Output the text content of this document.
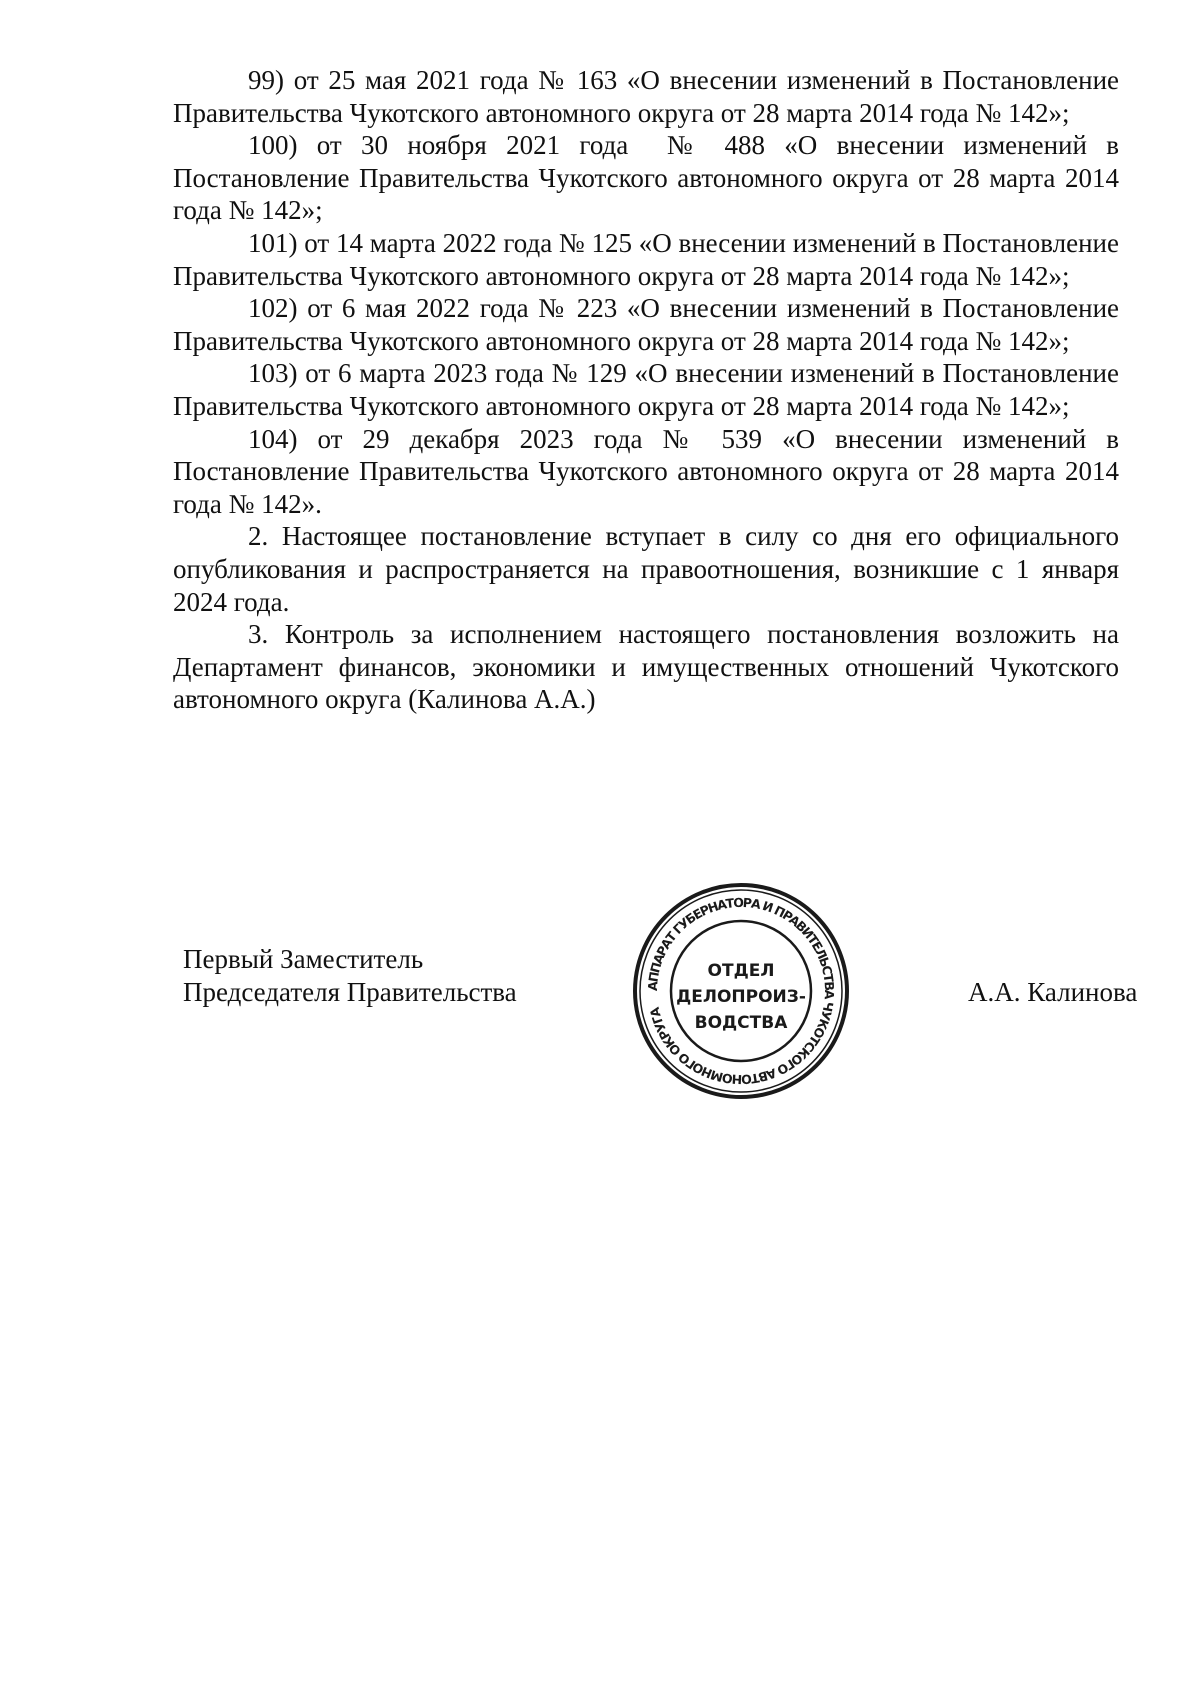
99) от 25 мая 2021 года № 163 «О внесении изменений в Постановление Правительства Чукотского автономного округа от 28 марта 2014 года № 142»;

100) от 30 ноября 2021 года  № 488 «О внесении изменений в Постановление Правительства Чукотского автономного округа от 28 марта 2014 года № 142»;

101) от 14 марта 2022 года № 125 «О внесении изменений в Постановление Правительства Чукотского автономного округа от 28 марта 2014 года № 142»;

102) от 6 мая 2022 года № 223 «О внесении изменений в Постановление Правительства Чукотского автономного округа от 28 марта 2014 года № 142»;

103) от 6 марта 2023 года № 129 «О внесении изменений в Постановление Правительства Чукотского автономного округа от 28 марта 2014 года № 142»;

104) от 29 декабря 2023 года № 539 «О внесении изменений в Постановление Правительства Чукотского автономного округа от 28 марта 2014 года № 142».

2. Настоящее постановление вступает в силу со дня его официального опубликования и распространяется на правоотношения, возникшие с 1 января 2024 года.

3. Контроль за исполнением настоящего постановления возложить на Департамент финансов, экономики и имущественных отношений Чукотского автономного округа (Калинова А.А.)

Первый Заместитель
Председателя Правительства	А.А. Калинова
АППАРАТ ГУБЕРНАТОРА И ПРАВИТЕЛЬСТВА ЧУКОТСКОГО АВТОНОМНОГО ОКРУГА
ОТДЕЛ
ДЕЛОПРОИЗ-
ВОДСТВА
